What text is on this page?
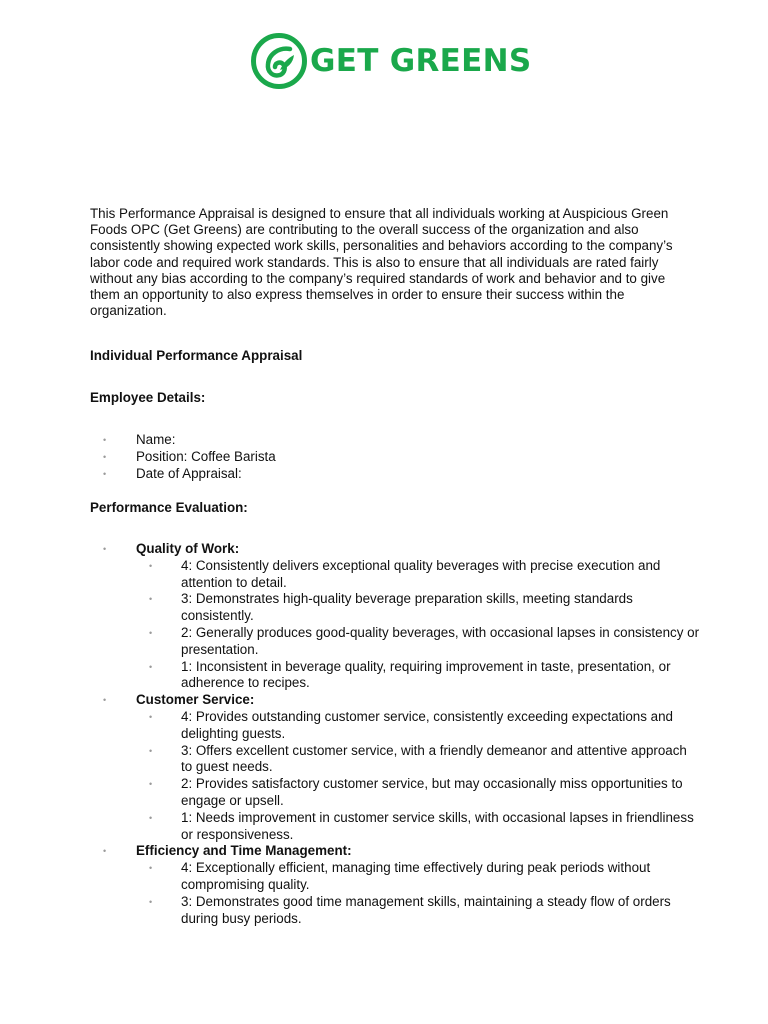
GET GREENS

This Performance Appraisal is designed to ensure that all individuals working at Auspicious Green Foods OPC (Get Greens) are contributing to the overall success of the organization and also consistently showing expected work skills, personalities and behaviors according to the company’s labor code and required work standards. This is also to ensure that all individuals are rated fairly without any bias according to the company’s required standards of work and behavior and to give them an opportunity to also express themselves in order to ensure their success within the organization.

Individual Performance Appraisal
Employee Details:
• Name:
• Position: Coffee Barista
• Date of Appraisal:
Performance Evaluation:
• Quality of Work:
• 4: Consistently delivers exceptional quality beverages with precise execution and attention to detail.
• 3: Demonstrates high-quality beverage preparation skills, meeting standards consistently.
• 2: Generally produces good-quality beverages, with occasional lapses in consistency or presentation.
• 1: Inconsistent in beverage quality, requiring improvement in taste, presentation, or adherence to recipes.
• Customer Service:
• 4: Provides outstanding customer service, consistently exceeding expectations and delighting guests.
• 3: Offers excellent customer service, with a friendly demeanor and attentive approach to guest needs.
• 2: Provides satisfactory customer service, but may occasionally miss opportunities to engage or upsell.
• 1: Needs improvement in customer service skills, with occasional lapses in friendliness or responsiveness.
• Efficiency and Time Management:
• 4: Exceptionally efficient, managing time effectively during peak periods without compromising quality.
• 3: Demonstrates good time management skills, maintaining a steady flow of orders during busy periods.
